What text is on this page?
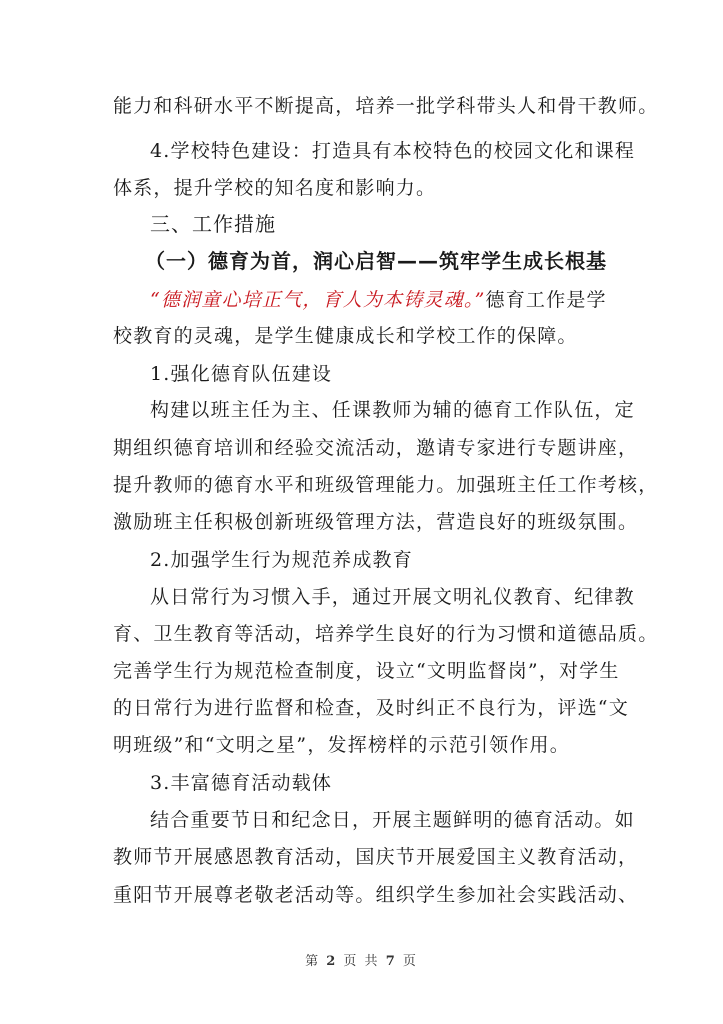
能力和科研水平不断提高，培养一批学科带头人和骨干教师。
4.学校特色建设：打造具有本校特色的校园文化和课程
体系，提升学校的知名度和影响力。
三、工作措施
（一）德育为首，润心启智——筑牢学生成长根基
“德润童心培正气，育人为本铸灵魂。”德育工作是学
校教育的灵魂，是学生健康成长和学校工作的保障。
1.强化德育队伍建设
构建以班主任为主、任课教师为辅的德育工作队伍，定
期组织德育培训和经验交流活动，邀请专家进行专题讲座，
提升教师的德育水平和班级管理能力。加强班主任工作考核，
激励班主任积极创新班级管理方法，营造良好的班级氛围。
2.加强学生行为规范养成教育
从日常行为习惯入手，通过开展文明礼仪教育、纪律教
育、卫生教育等活动，培养学生良好的行为习惯和道德品质。
完善学生行为规范检查制度，设立“文明监督岗”，对学生
的日常行为进行监督和检查，及时纠正不良行为，评选“文
明班级”和“文明之星”，发挥榜样的示范引领作用。
3.丰富德育活动载体
结合重要节日和纪念日，开展主题鲜明的德育活动。如
教师节开展感恩教育活动，国庆节开展爱国主义教育活动，
重阳节开展尊老敬老活动等。组织学生参加社会实践活动、
第 2 页 共 7 页
